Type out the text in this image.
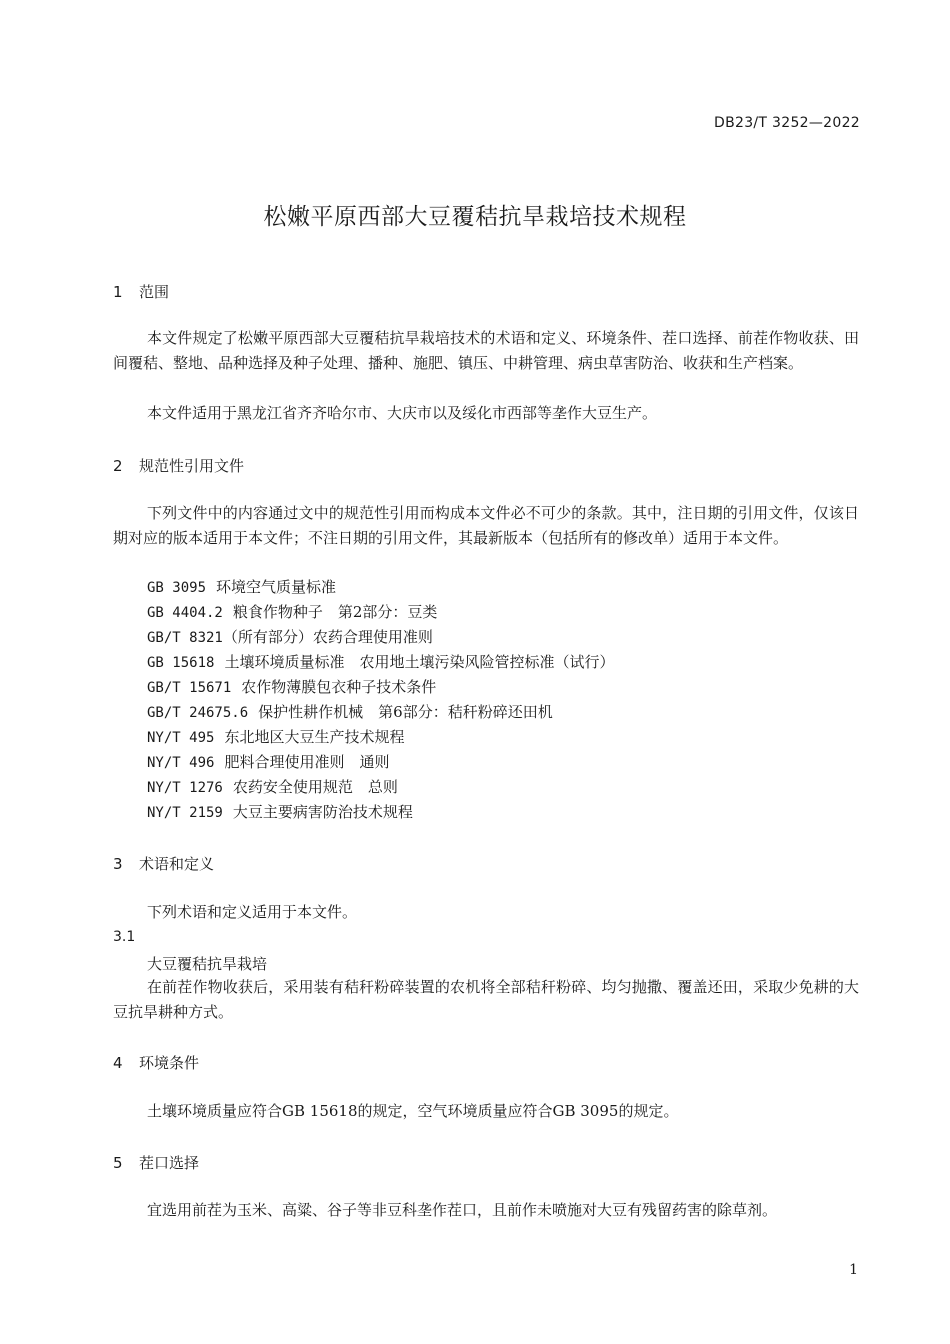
DB23/T 3252—2022
松嫩平原西部大豆覆秸抗旱栽培技术规程
1 范围

本文件规定了松嫩平原西部大豆覆秸抗旱栽培技术的术语和定义、环境条件、茬口选择、前茬作物收获、田间覆秸、整地、品种选择及种子处理、播种、施肥、镇压、中耕管理、病虫草害防治、收获和生产档案。

本文件适用于黑龙江省齐齐哈尔市、大庆市以及绥化市西部等垄作大豆生产。

2 规范性引用文件

下列文件中的内容通过文中的规范性引用而构成本文件必不可少的条款。其中，注日期的引用文件，仅该日期对应的版本适用于本文件；不注日期的引用文件，其最新版本（包括所有的修改单）适用于本文件。

GB 3095 环境空气质量标准
GB 4404.2 粮食作物种子　第2部分：豆类
GB/T 8321（所有部分）农药合理使用准则
GB 15618 土壤环境质量标准　农用地土壤污染风险管控标准（试行）
GB/T 15671 农作物薄膜包衣种子技术条件
GB/T 24675.6 保护性耕作机械　第6部分：秸秆粉碎还田机
NY/T 495 东北地区大豆生产技术规程
NY/T 496 肥料合理使用准则　通则
NY/T 1276 农药安全使用规范　总则
NY/T 2159 大豆主要病害防治技术规程
3 术语和定义

下列术语和定义适用于本文件。

3.1
大豆覆秸抗旱栽培

在前茬作物收获后，采用装有秸秆粉碎装置的农机将全部秸秆粉碎、均匀抛撒、覆盖还田，采取少免耕的大豆抗旱耕种方式。

4 环境条件

土壤环境质量应符合GB 15618的规定，空气环境质量应符合GB 3095的规定。

5 茬口选择

宜选用前茬为玉米、高粱、谷子等非豆科垄作茬口，且前作未喷施对大豆有残留药害的除草剂。

1
